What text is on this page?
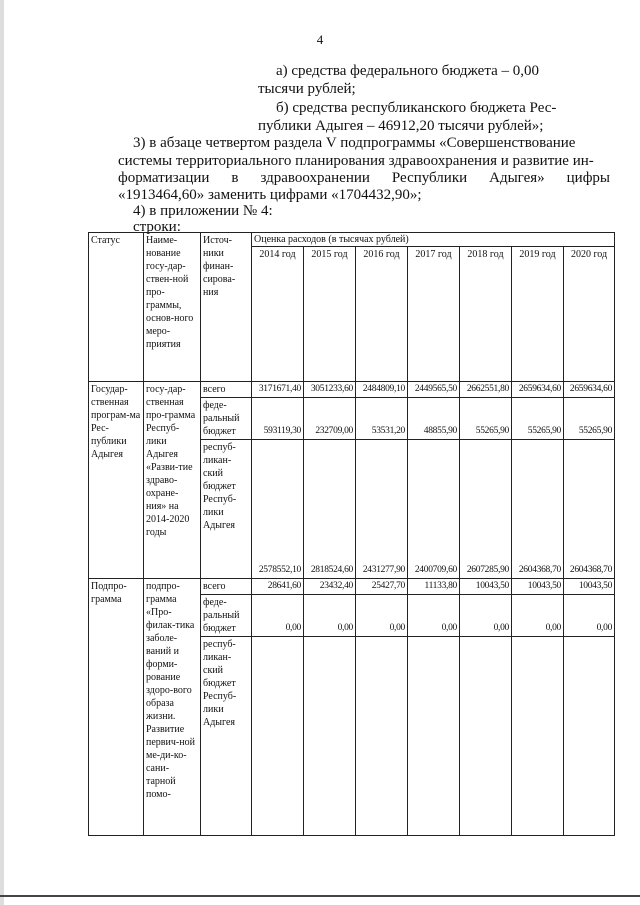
4
а) средства федерального бюджета – 0,00
тысячи рублей;
б) средства республиканского бюджета Рес-
публики Адыгея – 46912,20 тысячи рублей»;
3) в абзаце четвертом раздела V подпрограммы «Совершенствование
системы территориального планирования здравоохранения и развитие ин-
форматизации в здравоохранении Республики Адыгея» цифры
«1913464,60» заменить цифрами «1704432,90»;
4) в приложении № 4:
строки:
Статус	Наиме-нование госу-дар-ствен-ной про-граммы, основ-ного меро-приятия	Источ-ники финан-сирова-ния	Оценка расходов (в тысячах рублей)						
			2014 год	2015 год	2016 год	2017 год	2018 год	2019 год	2020 год
Государ-ственная програм-ма Рес-публики Адыгея	госу-дар-ственная про-грамма Респуб-лики Адыгея «Разви-тие здраво-охране-ния» на 2014-2020 годы	всего	3171671,40	3051233,60	2484809,10	2449565,50	2662551,80	2659634,60	2659634,60
		феде-ральный бюджет	593119,30	232709,00	53531,20	48855,90	55265,90	55265,90	55265,90
		респуб-ликан-ский бюджет Респуб-лики Адыгея	2578552,10	2818524,60	2431277,90	2400709,60	2607285,90	2604368,70	2604368,70
Подпро-грамма	подпро-грамма «Про-филак-тика заболе-ваний и форми-рование здоро-вого образа жизни. Развитие первич-ной ме-ди-ко-сани-тарной помо-	всего	28641,60	23432,40	25427,70	11133,80	10043,50	10043,50	10043,50
		феде-ральный бюджет	0,00	0,00	0,00	0,00	0,00	0,00	0,00
		респуб-ликан-ский бюджет Респуб-лики Адыгея							
